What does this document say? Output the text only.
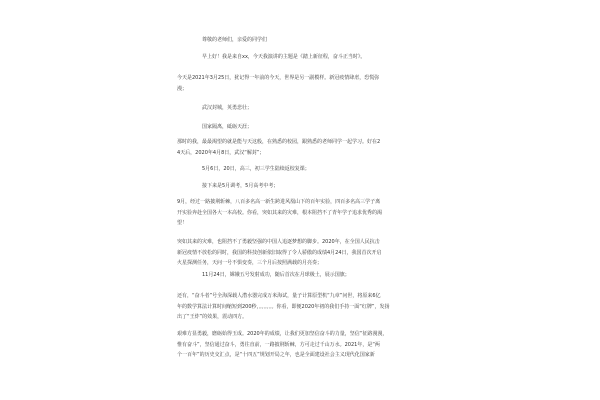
尊敬的老师们，亲爱的同学们

早上好！我是来自xx，今天我演讲的主题是《踏上新征程，奋斗正当时》。

今天是2021年3月25日，犹记得一年前的今天，世界是另一副模样。新冠疫情肆虐，恐慌弥
漫；

武汉封城，英勇悲壮；

国家隔离，砥砺天涯；

那时的我，最最渴望的就是能与天这般，在熟悉的校园，跟熟悉的老师同学一起学习。好在2
4天后，2020年4月8日，武汉“解封”；

5月6日，20日，高三，初三学生陆续返校复课；

接下来是5月调考，5月高考中考；

9月，经过一路披荆斩棘，八百多名高一新生跨进风凰山下的百年实验，四百多名高三学子离
开实验奔赴全国各大一本高校。你看，突如其来的灾难，根本阻挡不了青年学子追求优秀的渴
望！

突如其来的灾难，也阻挡不了勇毅坚强的中国人追逐梦想的脚步。2020年，在全国人民抗击
新冠疫情不放松的同时，我国的科技创新依旧取得了令人骄傲的成绩4月24日，我国首次开启
火星探测任务，天问一号不惧变奏，三个月后按照满载的月亮奏；

11月24日，嫦娥五号发射成功，随后首次在月球极土，展示国旗；

还有，“奋斗者”号全海深载人潜水器完成万米海试，量子计算原型机“九章”问世，将原来6亿
年的数学算法计算时间缩短到200秒，。。。。。。你看，即便2020年初的我们手持一面“红牌”，发扬
出了“王炸”的效果，震动四方。

艰难方显勇毅，磨砺始得玉成。2020年的成绩，让我们更加坚信奋斗的力量，坚信“征路漫漫，
惟有奋斗”，坚信通过奋斗，勇往直前，一路披荆斩棘，方可走过千山万水。2021年，是“两
个一百年”的历史交汇点，是“十四五”规划开局之年，也是全面建设社会主义现代化国家新
